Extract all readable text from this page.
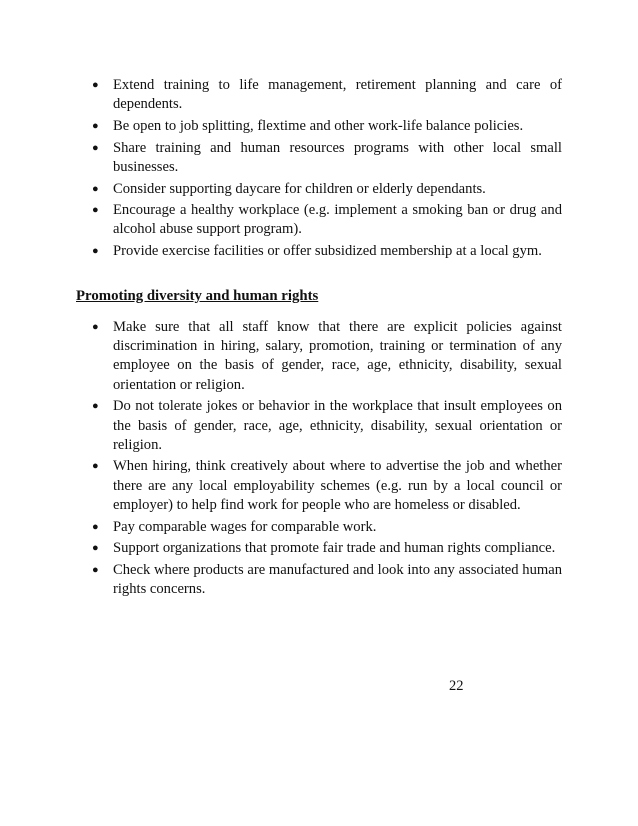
● Extend training to life management, retirement planning and care of dependents.
● Be open to job splitting, flextime and other work-life balance policies.
● Share training and human resources programs with other local small businesses.
● Consider supporting daycare for children or elderly dependants.
● Encourage a healthy workplace (e.g. implement a smoking ban or drug and alcohol abuse support program).
● Provide exercise facilities or offer subsidized membership at a local gym.
Promoting diversity and human rights
● Make sure that all staff know that there are explicit policies against discrimination in hiring, salary, promotion, training or termination of any employee on the basis of gender, race, age, ethnicity, disability, sexual orientation or religion.
● Do not tolerate jokes or behavior in the workplace that insult employees on the basis of gender, race, age, ethnicity, disability, sexual orientation or religion.
● When hiring, think creatively about where to advertise the job and whether there are any local employability schemes (e.g. run by a local council or employer) to help find work for people who are homeless or disabled.
● Pay comparable wages for comparable work.
● Support organizations that promote fair trade and human rights compliance.
● Check where products are manufactured and look into any associated human rights concerns.
22
